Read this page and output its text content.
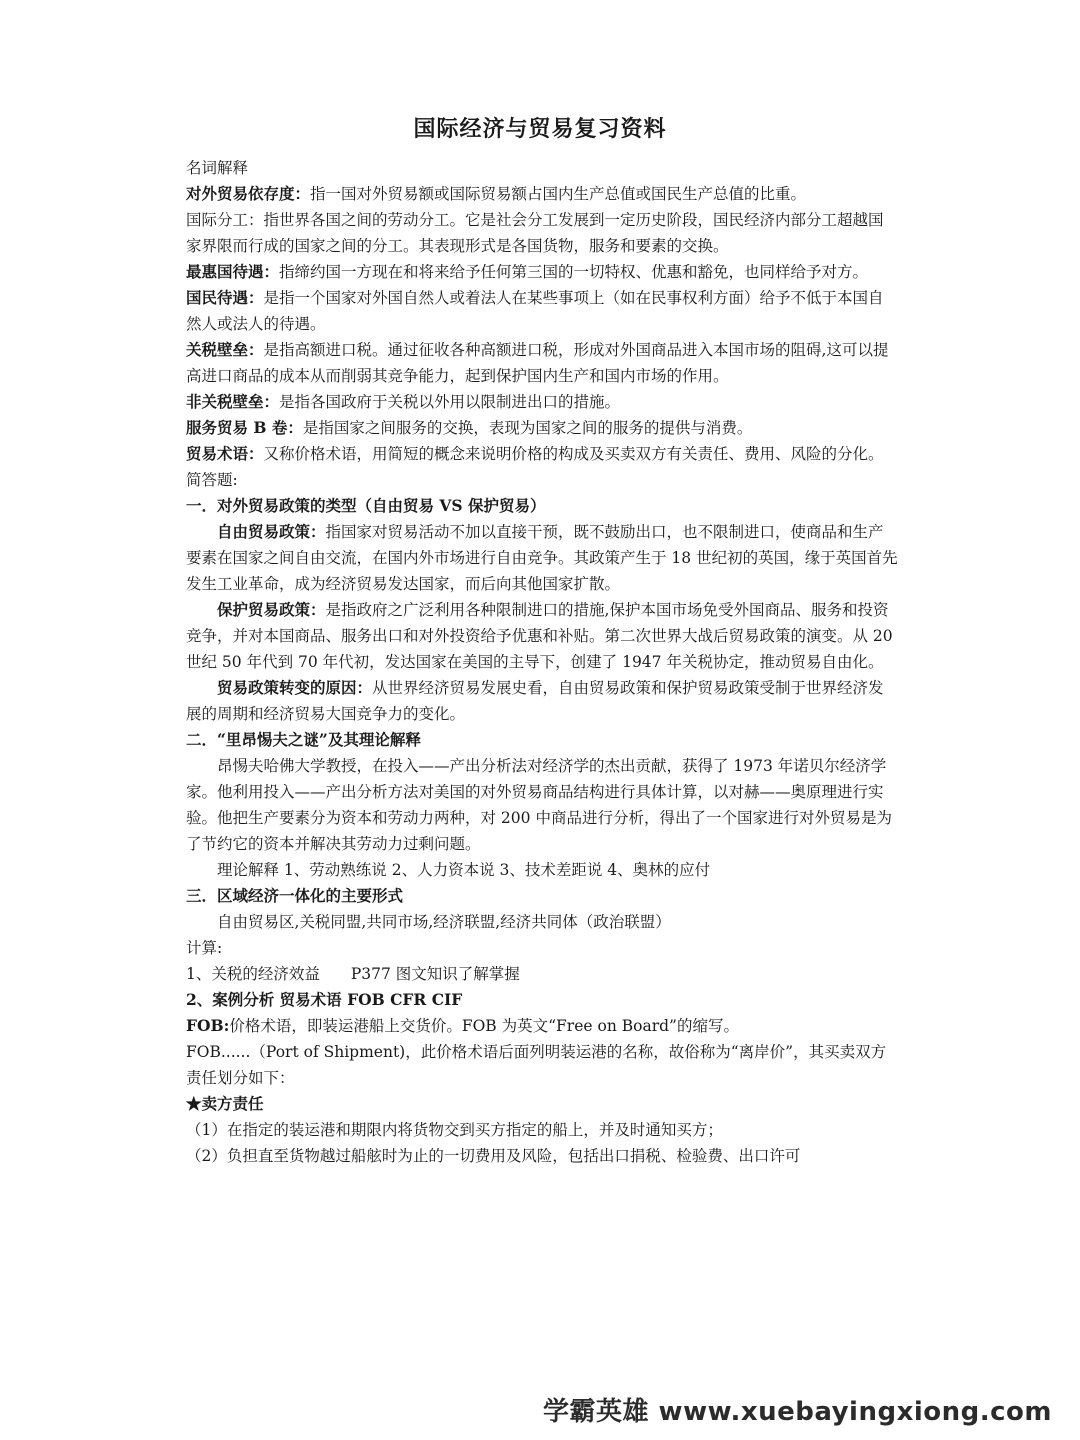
国际经济与贸易复习资料

名词解释

对外贸易依存度：指一国对外贸易额或国际贸易额占国内生产总值或国民生产总值的比重。

国际分工：指世界各国之间的劳动分工。它是社会分工发展到一定历史阶段，国民经济内部分工超越国家界限而行成的国家之间的分工。其表现形式是各国货物，服务和要素的交换。

最惠国待遇：指缔约国一方现在和将来给予任何第三国的一切特权、优惠和豁免，也同样给予对方。

国民待遇：是指一个国家对外国自然人或着法人在某些事项上（如在民事权利方面）给予不低于本国自然人或法人的待遇。

关税壁垒：是指高额进口税。通过征收各种高额进口税，形成对外国商品进入本国市场的阻碍,这可以提高进口商品的成本从而削弱其竞争能力，起到保护国内生产和国内市场的作用。

非关税壁垒：是指各国政府于关税以外用以限制进出口的措施。

服务贸易 B 卷：是指国家之间服务的交换，表现为国家之间的服务的提供与消费。

贸易术语：又称价格术语，用简短的概念来说明价格的构成及买卖双方有关责任、费用、风险的分化。

简答题:

一．对外贸易政策的类型（自由贸易 VS 保护贸易）

自由贸易政策：指国家对贸易活动不加以直接干预，既不鼓励出口，也不限制进口，使商品和生产要素在国家之间自由交流，在国内外市场进行自由竞争。其政策产生于 18 世纪初的英国，缘于英国首先发生工业革命，成为经济贸易发达国家，而后向其他国家扩散。

保护贸易政策：是指政府之广泛利用各种限制进口的措施,保护本国市场免受外国商品、服务和投资竞争，并对本国商品、服务出口和对外投资给予优惠和补贴。第二次世界大战后贸易政策的演变。从 20 世纪 50 年代到 70 年代初，发达国家在美国的主导下，创建了 1947 年关税协定，推动贸易自由化。

贸易政策转变的原因：从世界经济贸易发展史看，自由贸易政策和保护贸易政策受制于世界经济发展的周期和经济贸易大国竞争力的变化。

二．“里昂惕夫之谜”及其理论解释

昂惕夫哈佛大学教授，在投入——产出分析法对经济学的杰出贡献，获得了 1973 年诺贝尔经济学家。他利用投入——产出分析方法对美国的对外贸易商品结构进行具体计算，以对赫——奥原理进行实验。他把生产要素分为资本和劳动力两种，对 200 中商品进行分析，得出了一个国家进行对外贸易是为了节约它的资本并解决其劳动力过剩问题。

理论解释 1、劳动熟练说 2、人力资本说 3、技术差距说 4、奥林的应付

三．区域经济一体化的主要形式

自由贸易区,关税同盟,共同市场,经济联盟,经济共同体（政治联盟）

计算:

1、关税的经济效益　　P377 图文知识了解掌握

2、案例分析 贸易术语 FOB CFR CIF

FOB:价格术语，即装运港船上交货价。FOB 为英文“Free on Board”的缩写。

FOB......（Port of Shipment)，此价格术语后面列明装运港的名称，故俗称为“离岸价”，其买卖双方责任划分如下：

★卖方责任

（1）在指定的装运港和期限内将货物交到买方指定的船上，并及时通知买方；

（2）负担直至货物越过船舷时为止的一切费用及风险，包括出口捐税、检验费、出口许可

学霸英雄 www.xuebayingxiong.com
